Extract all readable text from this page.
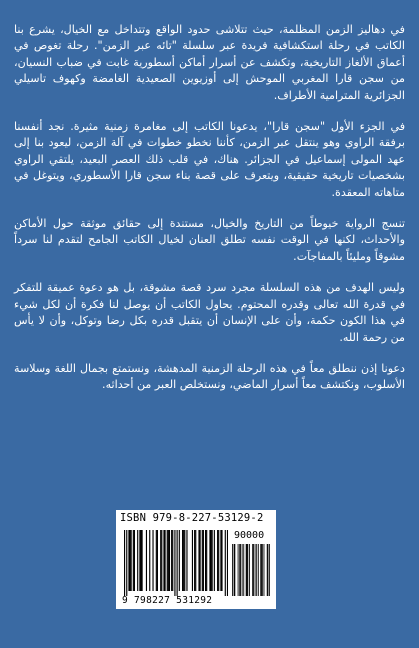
في دهاليز الزمن المظلمة، حيث تتلاشى حدود الواقع وتتداخل مع الخيال، يشرع بنا الكاتب في رحلة استكشافية فريدة عبر سلسلة "تائه عبر الزمن". رحلة تغوص في أعماق الألغاز التاريخية، وتكشف عن أسرار أماكن أسطورية غابت في ضباب النسيان، من سجن قارا المغربي الموحش إلى أوزيوين الصعيدية الغامضة وكهوف تاسيلي الجزائرية المترامية الأطراف.

في الجزء الأول "سجن قارا"، يدعونا الكاتب إلى مغامرة زمنية مثيرة. نجد أنفسنا برفقة الراوي وهو ينتقل عبر الزمن، كأننا نخطو خطوات في آلة الزمن، ليعود بنا إلى عهد المولى إسماعيل في الجزائر. هناك، في قلب ذلك العصر البعيد، يلتقي الراوي بشخصيات تاريخية حقيقية، ويتعرف على قصة بناء سجن قارا الأسطوري، ويتوغل في متاهاته المعقدة.

تنسج الرواية خيوطاً من التاريخ والخيال، مستندة إلى حقائق موثقة حول الأماكن والأحداث، لكنها في الوقت نفسه تطلق العنان لخيال الكاتب الجامح لتقدم لنا سرداً مشوقاً ومليئاً بالمفاجآت.

وليس الهدف من هذه السلسلة مجرد سرد قصة مشوقة، بل هو دعوة عميقة للتفكر في قدرة الله تعالى وقدره المحتوم. يحاول الكاتب أن يوصل لنا فكرة أن لكل شيء في هذا الكون حكمة، وأن على الإنسان أن يتقبل قدره بكل رضا وتوكل، وأن لا يأس من رحمة الله.

دعونا إذن ننطلق معاً في هذه الرحلة الزمنية المدهشة، ونستمتع بجمال اللغة وسلاسة الأسلوب، ونكتشف معاً أسرار الماضي، ونستخلص العبر من أحداثه.

ISBN 979-8-227-53129-2
90000
9 798227 531292
